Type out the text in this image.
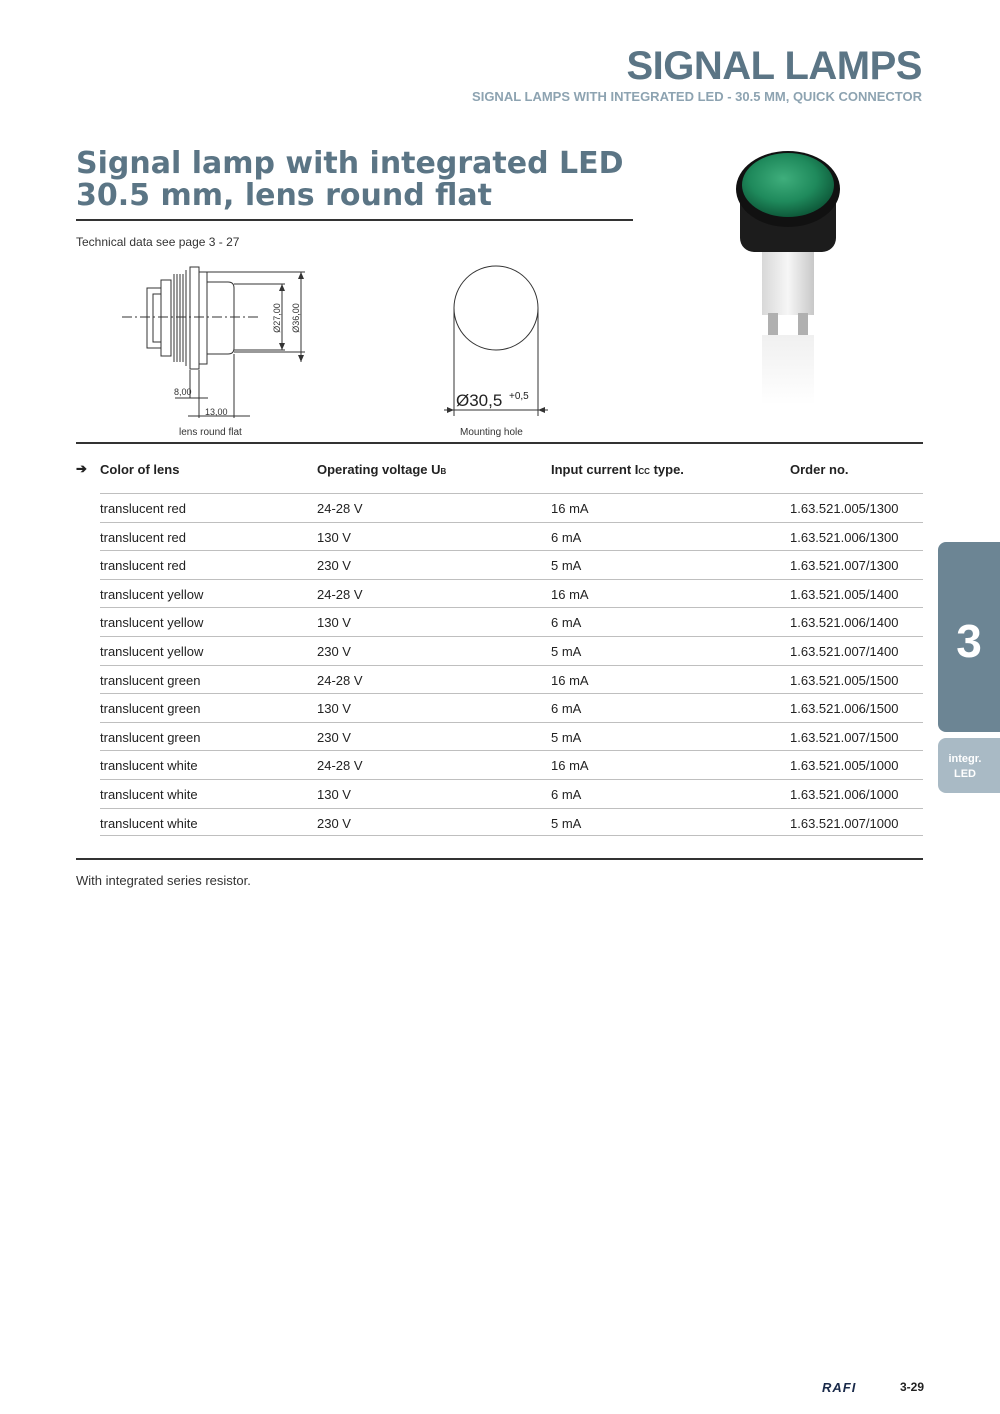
SIGNAL LAMPS
SIGNAL LAMPS WITH INTEGRATED LED - 30.5 MM, QUICK CONNECTOR
Signal lamp with integrated LED
30.5 mm, lens round flat
Technical data see page 3 - 27
Ø27,00 Ø36,00
8,00
13,00
Ø30,5 +0,5
lens round flat	Mounting hole
➔ Color of lens	Operating voltage UB	Input current ICC type.	Order no.
translucent red	24-28 V	16 mA	1.63.521.005/1300
translucent red	130 V	6 mA	1.63.521.006/1300
translucent red	230 V	5 mA	1.63.521.007/1300
translucent yellow	24-28 V	16 mA	1.63.521.005/1400
translucent yellow	130 V	6 mA	1.63.521.006/1400
translucent yellow	230 V	5 mA	1.63.521.007/1400
translucent green	24-28 V	16 mA	1.63.521.005/1500
translucent green	130 V	6 mA	1.63.521.006/1500
translucent green	230 V	5 mA	1.63.521.007/1500
translucent white	24-28 V	16 mA	1.63.521.005/1000
translucent white	130 V	6 mA	1.63.521.006/1000
translucent white	230 V	5 mA	1.63.521.007/1000
With integrated series resistor.
3
integr.
LED
RAFI	3-29
